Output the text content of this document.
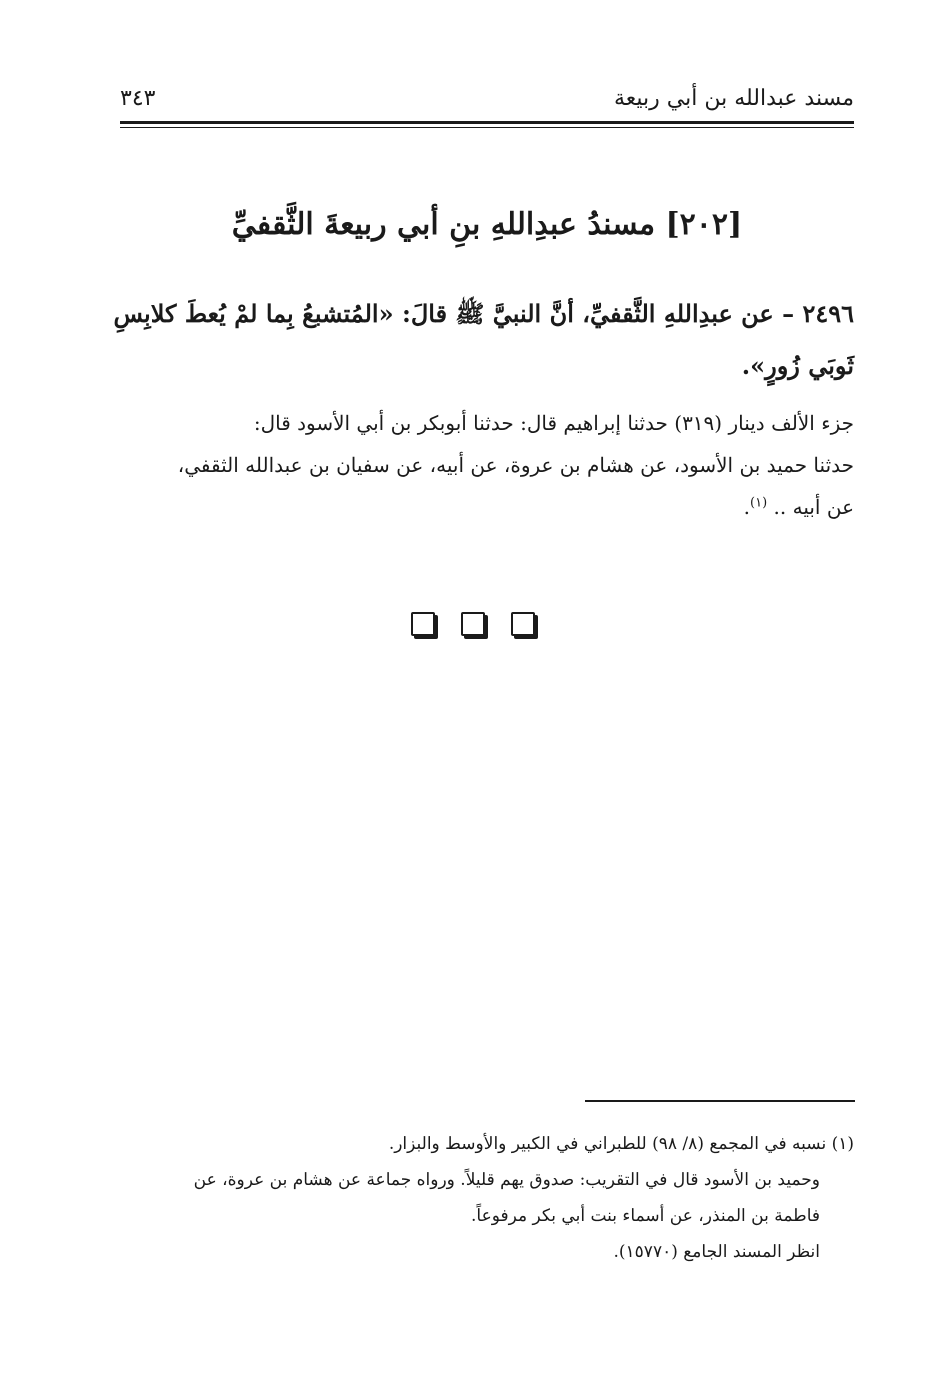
مسند عبدالله بن أبي ربيعة
٣٤٣
[٢٠٢] مسندُ عبدِاللهِ بنِ أبي ربيعةَ الثَّقفيِّ
٢٤٩٦ – عن عبدِاللهِ الثَّقفيِّ، أنَّ النبيَّ ﷺ قالَ: «المُتشبعُ بِما لمْ يُعطَ كلابِسِ
ثَوبَي زُورٍ».
جزء الألف دينار (٣١٩) حدثنا إبراهيم قال: حدثنا أبوبكر بن أبي الأسود قال:
حدثنا حميد بن الأسود، عن هشام بن عروة، عن أبيه، عن سفيان بن عبدالله الثقفي،
عن أبيه .. $^{(١)}$.
(١) نسبه في المجمع (٨/ ٩٨) للطبراني في الكبير والأوسط والبزار.
وحميد بن الأسود قال في التقريب: صدوق يهم قليلاً. ورواه جماعة عن هشام بن عروة، عن
فاطمة بن المنذر، عن أسماء بنت أبي بكر مرفوعاً.
انظر المسند الجامع (١٥٧٧٠).
